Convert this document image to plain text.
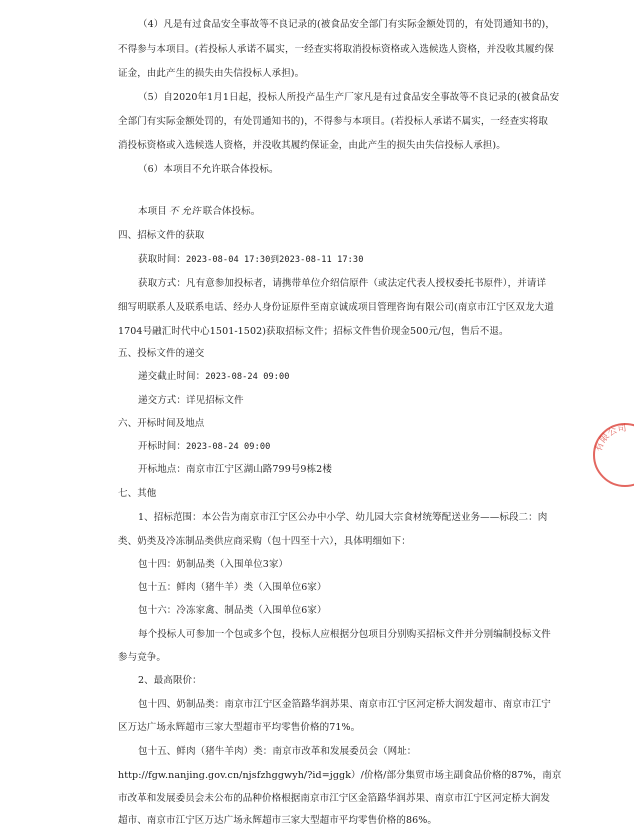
（4）凡是有过食品安全事故等不良记录的(被食品安全部门有实际金额处罚的，有处罚通知书的)，
不得参与本项目。(若投标人承诺不属实，一经查实将取消投标资格或入选候选人资格，并没收其履约保
证金，由此产生的损失由失信投标人承担)。
（5）自2020年1月1日起，投标人所投产品生产厂家凡是有过食品安全事故等不良记录的(被食品安
全部门有实际金额处罚的，有处罚通知书的)，不得参与本项目。(若投标人承诺不属实，一经查实将取
消投标资格或入选候选人资格，并没收其履约保证金，由此产生的损失由失信投标人承担)。
（6）本项目不允许联合体投标。
本项目 不 允许 联合体投标。
四、招标文件的获取
获取时间：2023-08-04 17:30到2023-08-11 17:30
获取方式：凡有意参加投标者，请携带单位介绍信原件（或法定代表人授权委托书原件），并请详
细写明联系人及联系电话、经办人身份证原件至南京诚成项目管理咨询有限公司(南京市江宁区双龙大道
1704号融汇时代中心1501-1502)获取招标文件；招标文件售价现金500元/包，售后不退。
五、投标文件的递交
递交截止时间：2023-08-24 09:00
递交方式：详见招标文件
六、开标时间及地点
开标时间：2023-08-24 09:00
开标地点：南京市江宁区湖山路799号9栋2楼
七、其他
1、招标范围：本公告为南京市江宁区公办中小学、幼儿园大宗食材统筹配送业务——标段二：肉
类、奶类及冷冻制品类供应商采购（包十四至十六），具体明细如下：
包十四：奶制品类（入围单位3家）
包十五：鲜肉（猪牛羊）类（入围单位6家）
包十六：冷冻家禽、制品类（入围单位6家）
每个投标人可参加一个包或多个包，投标人应根据分包项目分别购买招标文件并分别编制投标文件
参与竞争。
2、最高限价：
包十四、奶制品类：南京市江宁区金箔路华润苏果、南京市江宁区河定桥大润发超市、南京市江宁
区万达广场永辉超市三家大型超市平均零售价格的71%。
包十五、鲜肉（猪牛羊肉）类：南京市改革和发展委员会（网址：
http://fgw.nanjing.gov.cn/njsfzhggwyh/?id=jggk）/价格/部分集贸市场主副食品价格的87%，南京
市改革和发展委员会未公布的品种价格根据南京市江宁区金箔路华润苏果、南京市江宁区河定桥大润发
超市、南京市江宁区万达广场永辉超市三家大型超市平均零售价格的86%。
有限公司
